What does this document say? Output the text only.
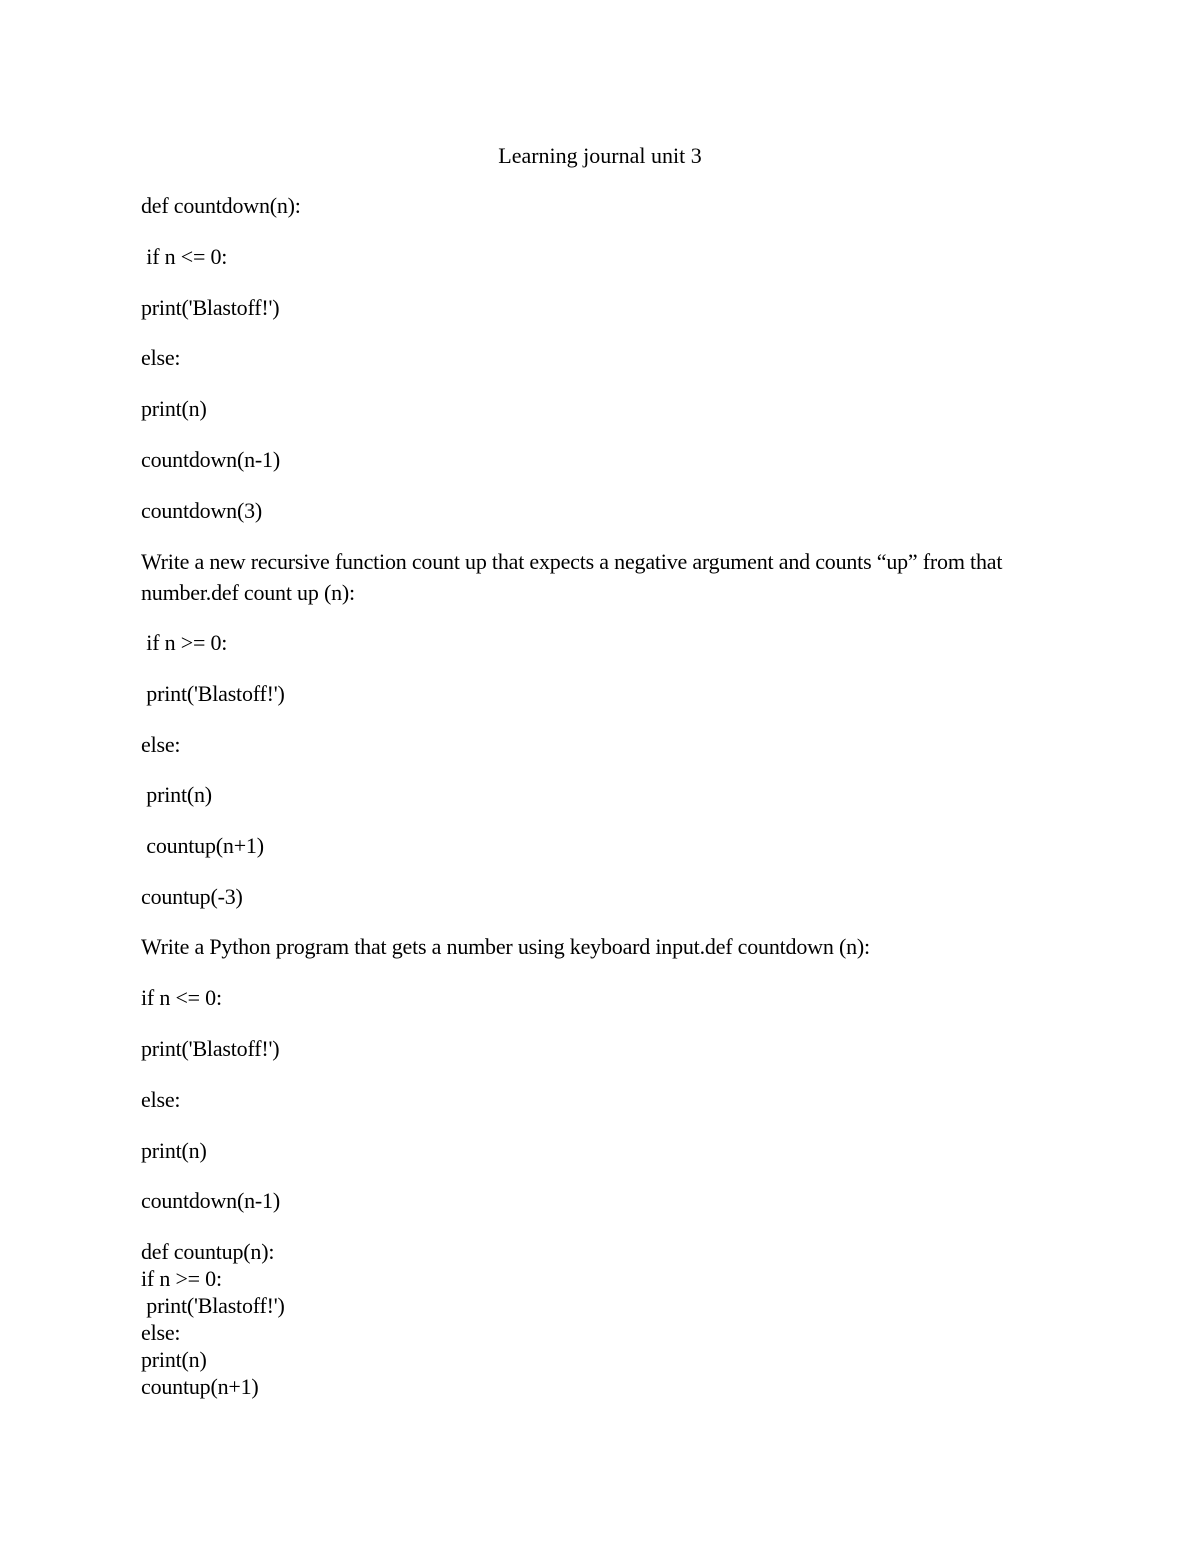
Learning journal unit 3
def countdown(n):
if n <= 0:
print('Blastoff!')
else:
print(n)
countdown(n-1)
countdown(3)
Write a new recursive function count up that expects a negative argument and counts “up” from that number.def count up (n):
if n >= 0:
print('Blastoff!')
else:
print(n)
countup(n+1)
countup(-3)
Write a Python program that gets a number using keyboard input.def countdown (n):
if n <= 0:
print('Blastoff!')
else:
print(n)
countdown(n-1)
def countup(n):
if n >= 0:
print('Blastoff!')
else:
print(n)
countup(n+1)
